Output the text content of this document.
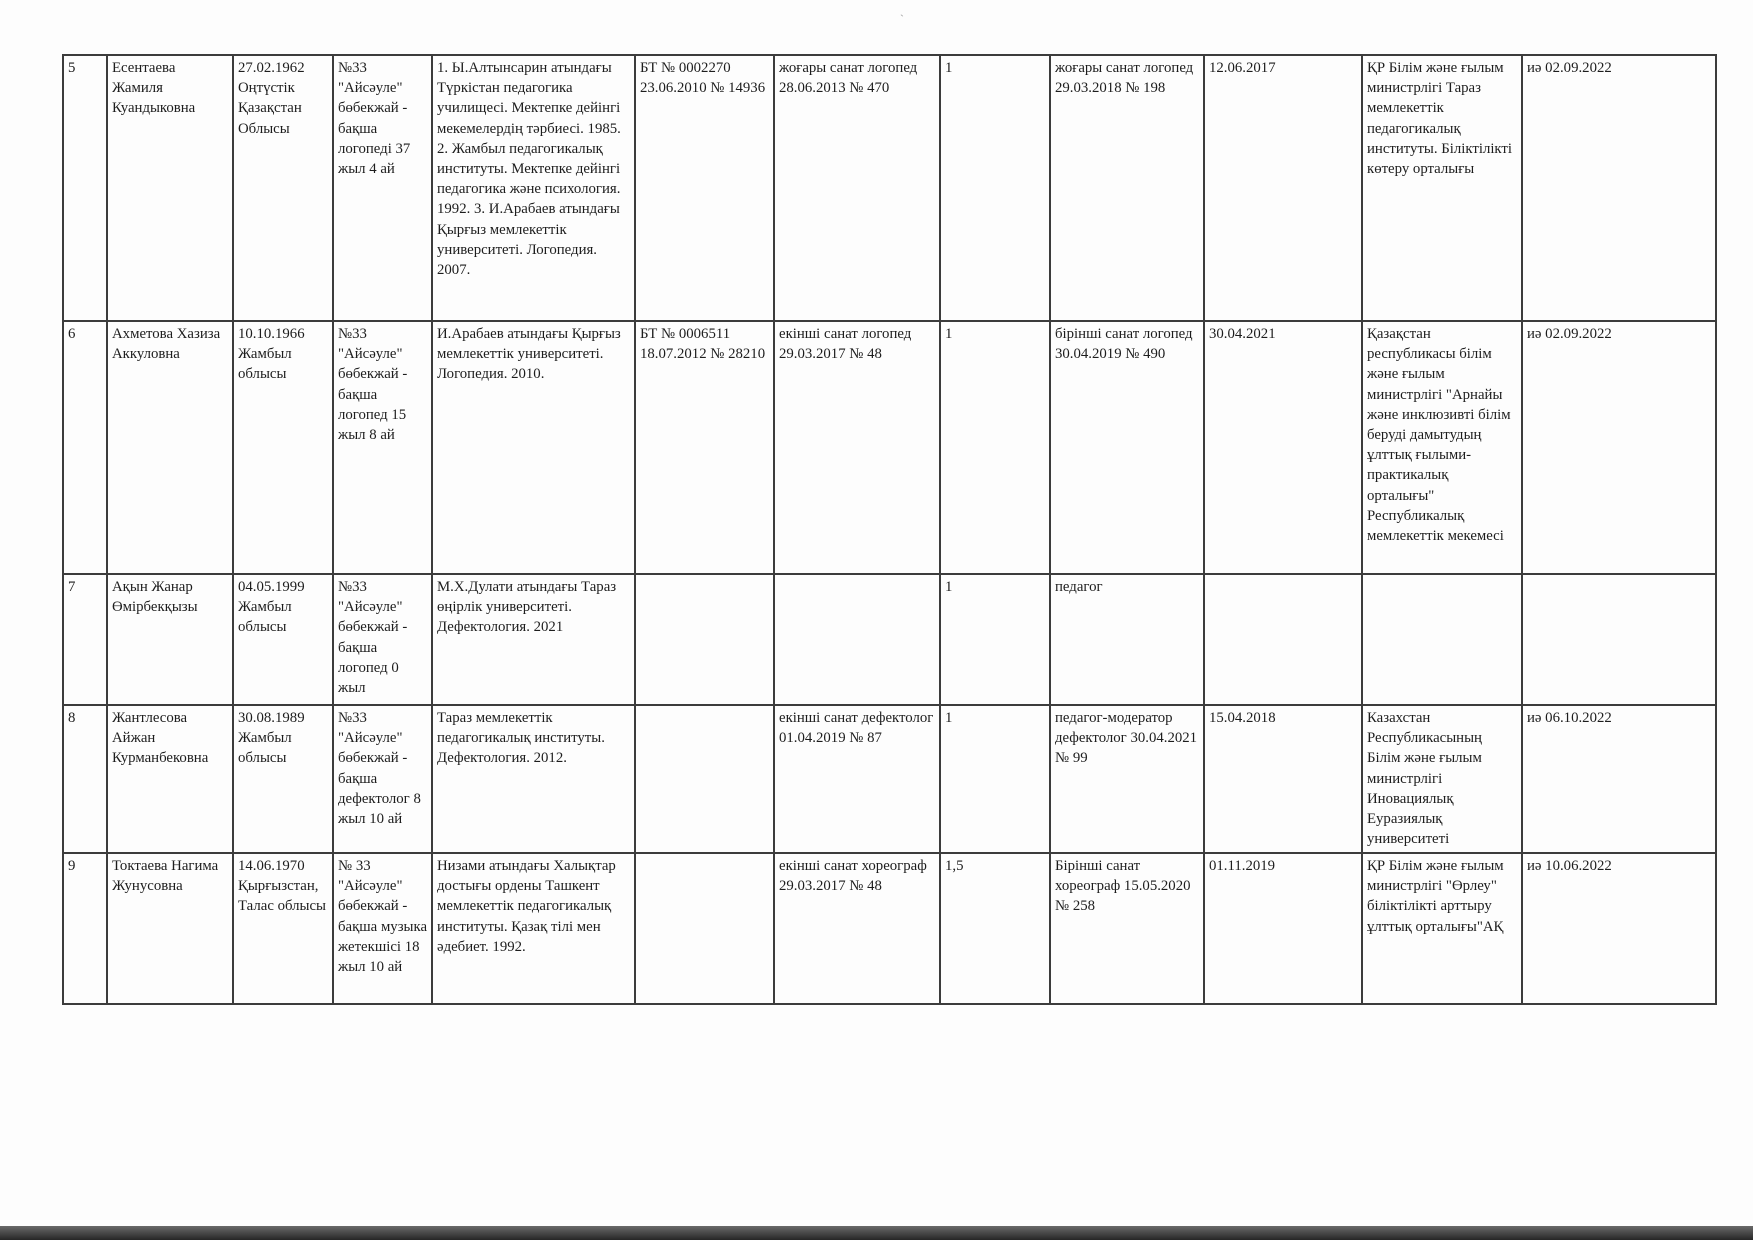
5	Есентаева Жамиля Куандыковна	27.02.1962 Оңтүстік Қазақстан Облысы	№33 "Айсәуле" бөбекжай - бақша логопеді 37 жыл 4 ай	1. Ы.Алтынсарин атындағы Түркістан педагогика училищесі. Мектепке дейінгі мекемелердің тәрбиесі. 1985. 2. Жамбыл педагогикалық институты. Мектепке дейінгі педагогика және психология. 1992. 3. И.Арабаев атындағы Қырғыз мемлекеттік университеті. Логопедия. 2007.	БТ № 0002270 23.06.2010 № 14936	жоғары санат логопед 28.06.2013 № 470	1	жоғары санат логопед 29.03.2018 № 198	12.06.2017	ҚР Білім және ғылым министрлігі Тараз мемлекеттік педагогикалық институты. Біліктілікті көтеру орталығы	иә 02.09.2022
6	Ахметова Хазиза Аккуловна	10.10.1966 Жамбыл облысы	№33 "Айсәуле" бөбекжай - бақша логопед 15 жыл 8 ай	И.Арабаев атындағы Қырғыз мемлекеттік университеті. Логопедия. 2010.	БТ № 0006511 18.07.2012 № 28210	екінші санат логопед 29.03.2017 № 48	1	бірінші санат логопед 30.04.2019 № 490	30.04.2021	Қазақстан республикасы білім және ғылым министрлігі "Арнайы және инклюзивті білім беруді дамытудың ұлттық ғылыми-практикалық орталығы" Республикалық мемлекеттік мекемесі	иә 02.09.2022
7	Ақын Жанар Өмірбекқызы	04.05.1999 Жамбыл облысы	№33 "Айсәуле" бөбекжай - бақша логопед 0 жыл	М.Х.Дулати атындағы Тараз өңірлік университеті. Дефектология. 2021			1	педагог			
8	Жантлесова Айжан Курманбековна	30.08.1989 Жамбыл облысы	№33 "Айсәуле" бөбекжай - бақша дефектолог 8 жыл 10 ай	Тараз мемлекеттік педагогикалық институты. Дефектология. 2012.		екінші санат дефектолог 01.04.2019 № 87	1	педагог-модератор дефектолог 30.04.2021 № 99	15.04.2018	Казахстан Республикасының Білім және ғылым министрлігі Иновациялық Еуразиялық университеті	иә 06.10.2022
9	Токтаева Нагима Жунусовна	14.06.1970 Қырғызстан, Талас облысы	№ 33 "Айсәуле" бөбекжай - бақша музыка жетекшісі 18 жыл 10 ай	Низами атындағы Халықтар достығы ордены Ташкент мемлекеттік педагогикалық институты. Қазақ тілі мен әдебиет. 1992.		екінші санат хореограф 29.03.2017 № 48	1,5	Бірінші санат хореограф 15.05.2020 № 258	01.11.2019	ҚР Білім және ғылым министрлігі "Өрлеу" біліктілікті арттыру ұлттық орталығы"АҚ	иә 10.06.2022
ˋ
